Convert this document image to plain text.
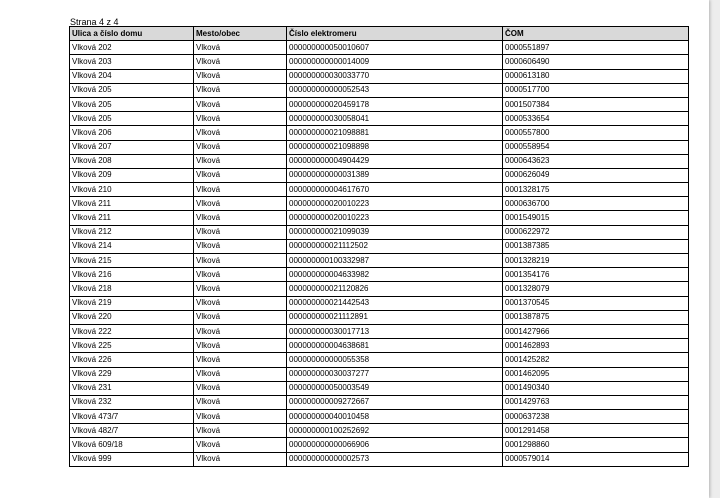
Strana 4 z 4
Ulica a číslo domu	Mesto/obec	Číslo elektromeru	ČOM
Vlková 202	Vlková	000000000050010607	0000551897
Vlková 203	Vlková	000000000000014009	0000606490
Vlková 204	Vlková	000000000030033770	0000613180
Vlková 205	Vlková	000000000000052543	0000517700
Vlková 205	Vlková	000000000020459178	0001507384
Vlková 205	Vlková	000000000030058041	0000533654
Vlková 206	Vlková	000000000021098881	0000557800
Vlková 207	Vlková	000000000021098898	0000558954
Vlková 208	Vlková	000000000004904429	0000643623
Vlková 209	Vlková	000000000000031389	0000626049
Vlková 210	Vlková	000000000004617670	0001328175
Vlková 211	Vlková	000000000020010223	0000636700
Vlková 211	Vlková	000000000020010223	0001549015
Vlková 212	Vlková	000000000021099039	0000622972
Vlková 214	Vlková	000000000021112502	0001387385
Vlková 215	Vlková	000000000100332987	0001328219
Vlková 216	Vlková	000000000004633982	0001354176
Vlková 218	Vlková	000000000021120826	0001328079
Vlková 219	Vlková	000000000021442543	0001370545
Vlková 220	Vlková	000000000021112891	0001387875
Vlková 222	Vlková	000000000030017713	0001427966
Vlková 225	Vlková	000000000004638681	0001462893
Vlková 226	Vlková	000000000000055358	0001425282
Vlková 229	Vlková	000000000030037277	0001462095
Vlková 231	Vlková	000000000050003549	0001490340
Vlková 232	Vlková	000000000009272667	0001429763
Vlková 473/7	Vlková	000000000040010458	0000637238
Vlková 482/7	Vlková	000000000100252692	0001291458
Vlková 609/18	Vlková	000000000000066906	0001298860
Vlková 999	Vlková	000000000000002573	0000579014
